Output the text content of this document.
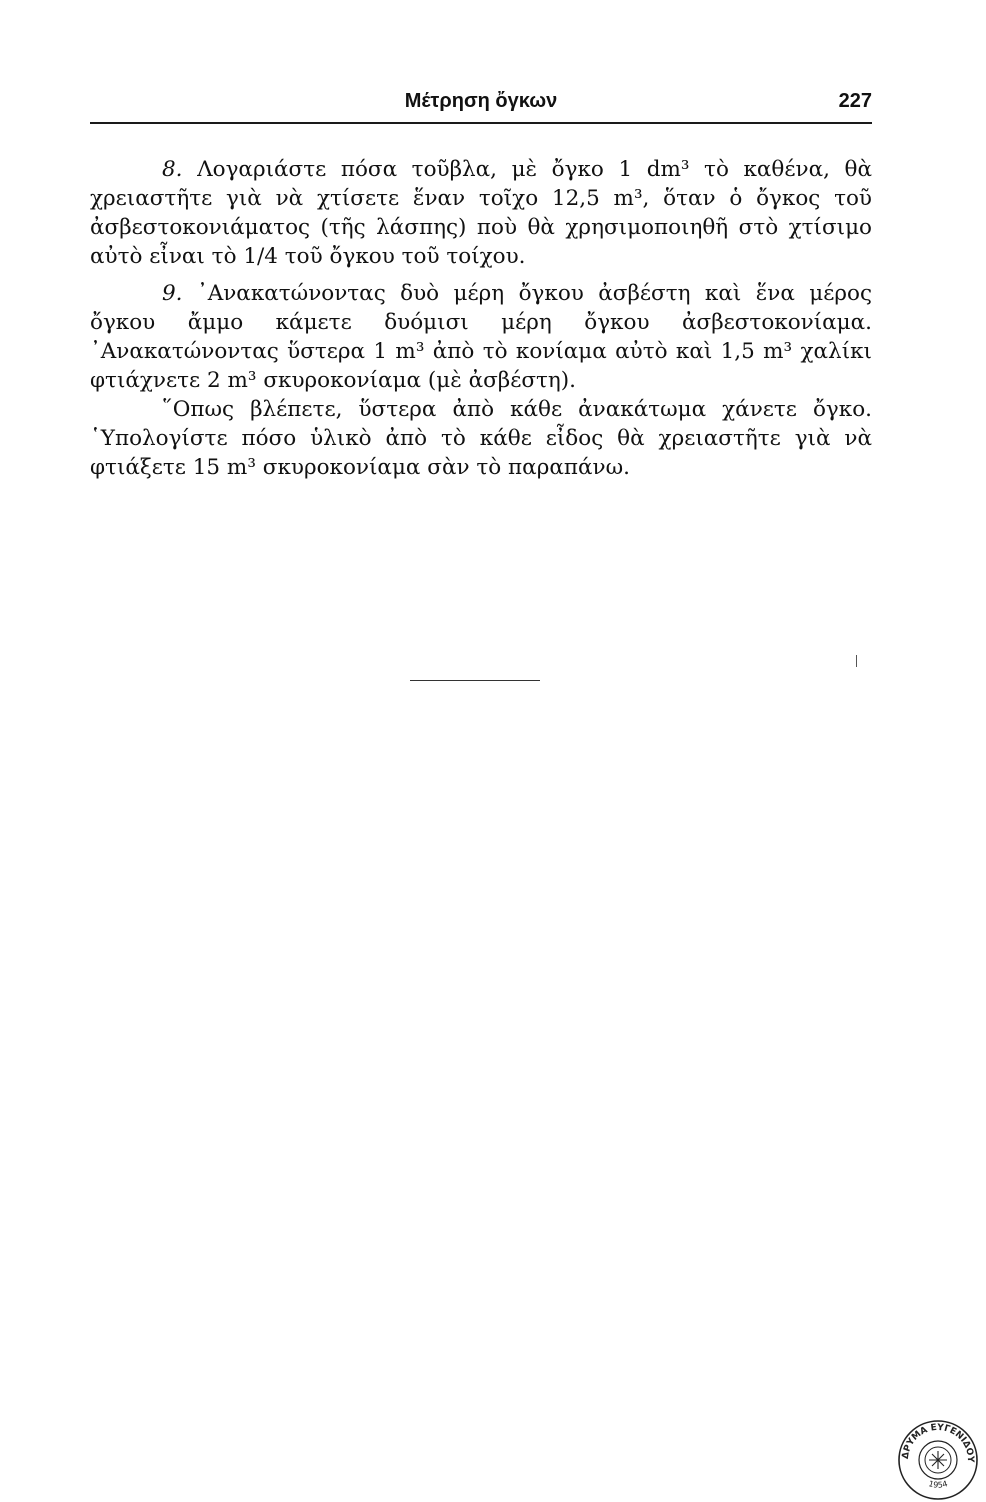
Μέτρηση ὄγκων	227

8. Λογαριάστε πόσα τοῦβλα, μὲ ὄγκο 1 dm³ τὸ καθένα, θὰ χρειαστῆτε γιὰ νὰ χτίσετε ἕναν τοῖχο 12,5 m³, ὅταν ὁ ὄγκος τοῦ ἀσβεστοκονιάματος (τῆς λάσπης) ποὺ θὰ χρησιμοποιηθῆ στὸ χτίσιμο αὐτὸ εἶναι τὸ 1/4 τοῦ ὄγκου τοῦ τοίχου.

9. ᾿Ανακατώνοντας δυὸ μέρη ὄγκου ἀσβέστη καὶ ἕνα μέρος ὄγκου ἄμμο κάμετε δυόμισι μέρη ὄγκου ἀσβεστοκονίαμα. ᾿Ανακατώνοντας ὕστερα 1 m³ ἀπὸ τὸ κονίαμα αὐτὸ καὶ 1,5 m³ χαλίκι φτιάχνετε 2 m³ σκυροκονίαμα (μὲ ἀσβέστη).

῞Οπως βλέπετε, ὕστερα ἀπὸ κάθε ἀνακάτωμα χάνετε ὄγκο. ῾Υπολογίστε πόσο ὑλικὸ ἀπὸ τὸ κάθε εἶδος θὰ χρειαστῆτε γιὰ νὰ φτιάξετε 15 m³ σκυροκονίαμα σὰν τὸ παραπάνω.

ΔΡΥΜΑ ΕΥΓΕΝΙΔΟΥ
1954
